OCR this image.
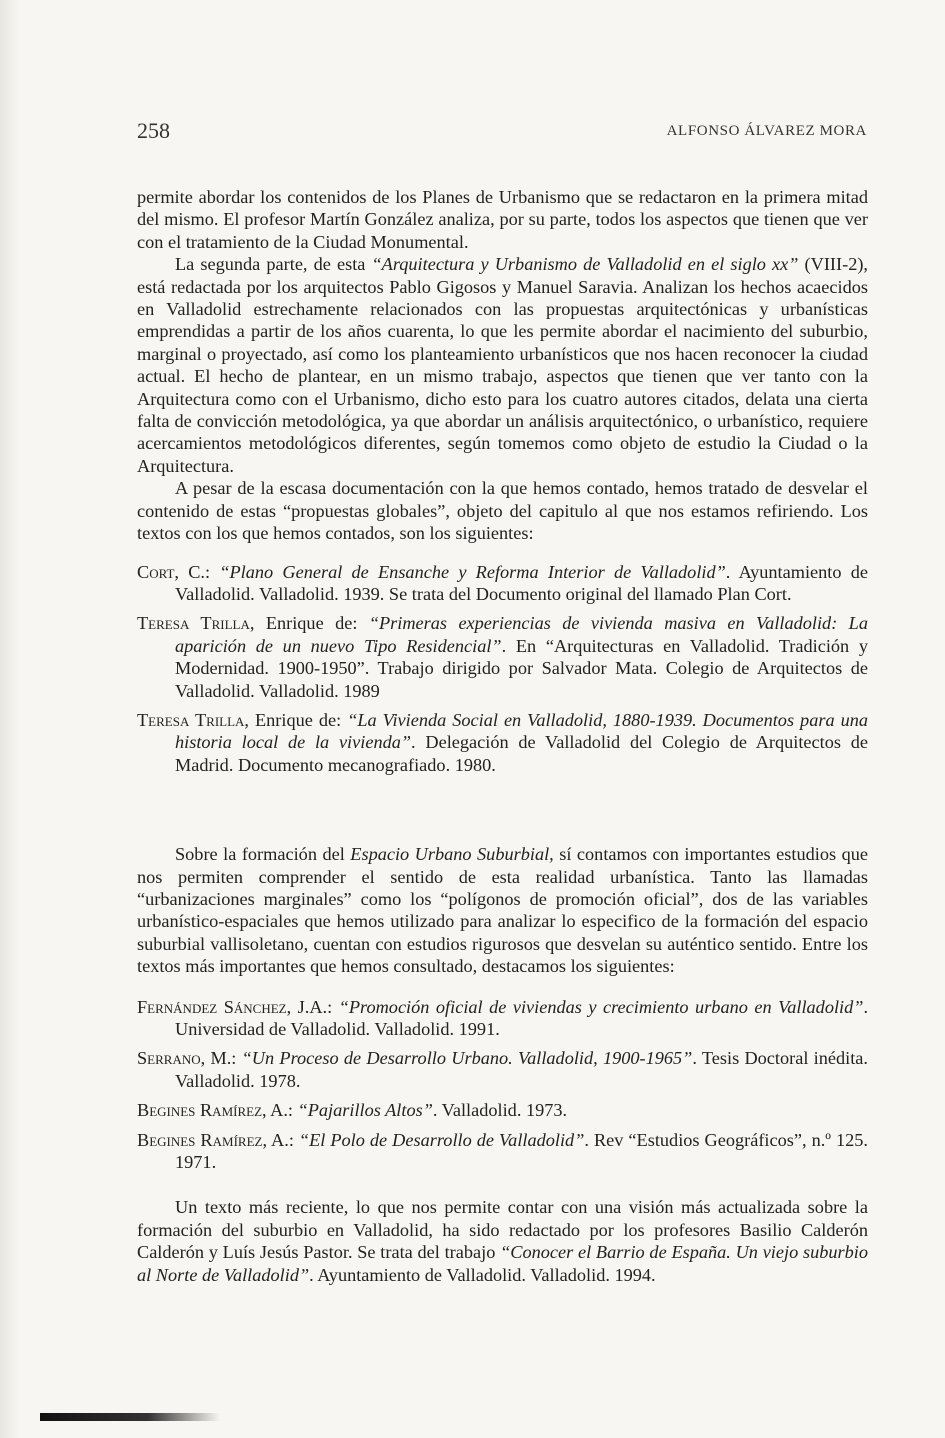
258	ALFONSO ÁLVAREZ MORA

permite abordar los contenidos de los Planes de Urbanismo que se redactaron en la primera mitad del mismo. El profesor Martín González analiza, por su parte, todos los aspectos que tienen que ver con el tratamiento de la Ciudad Monumental.

La segunda parte, de esta “Arquitectura y Urbanismo de Valladolid en el siglo xx” (VIII-2), está redactada por los arquitectos Pablo Gigosos y Manuel Saravia. Analizan los hechos acaecidos en Valladolid estrechamente relacionados con las propuestas arquitectónicas y urbanísticas emprendidas a partir de los años cuarenta, lo que les permite abordar el nacimiento del suburbio, marginal o proyectado, así como los planteamiento urbanísticos que nos hacen reconocer la ciudad actual. El hecho de plantear, en un mismo trabajo, aspectos que tienen que ver tanto con la Arquitectura como con el Urbanismo, dicho esto para los cuatro autores citados, delata una cierta falta de convicción metodológica, ya que abordar un análisis arquitectónico, o urbanístico, requiere acercamientos metodológicos diferentes, según tomemos como objeto de estudio la Ciudad o la Arquitectura.

A pesar de la escasa documentación con la que hemos contado, hemos tratado de desvelar el contenido de estas “propuestas globales”, objeto del capitulo al que nos estamos refiriendo. Los textos con los que hemos contados, son los siguientes:

Cort, C.: “Plano General de Ensanche y Reforma Interior de Valladolid”. Ayuntamiento de Valladolid. Valladolid. 1939. Se trata del Documento original del llamado Plan Cort.

Teresa Trilla, Enrique de: “Primeras experiencias de vivienda masiva en Valladolid: La aparición de un nuevo Tipo Residencial”. En “Arquitecturas en Valladolid. Tradición y Modernidad. 1900-1950”. Trabajo dirigido por Salvador Mata. Colegio de Arquitectos de Valladolid. Valladolid. 1989

Teresa Trilla, Enrique de: “La Vivienda Social en Valladolid, 1880-1939. Documentos para una historia local de la vivienda”. Delegación de Valladolid del Colegio de Arquitectos de Madrid. Documento mecanografiado. 1980.

Sobre la formación del Espacio Urbano Suburbial, sí contamos con importantes estudios que nos permiten comprender el sentido de esta realidad urbanística. Tanto las llamadas “urbanizaciones marginales” como los “polígonos de promoción oficial”, dos de las variables urbanístico-espaciales que hemos utilizado para analizar lo especifico de la formación del espacio suburbial vallisoletano, cuentan con estudios rigurosos que desvelan su auténtico sentido. Entre los textos más importantes que hemos consultado, destacamos los siguientes:

Fernández Sánchez, J.A.: “Promoción oficial de viviendas y crecimiento urbano en Valladolid”. Universidad de Valladolid. Valladolid. 1991.

Serrano, M.: “Un Proceso de Desarrollo Urbano. Valladolid, 1900-1965”. Tesis Doctoral inédita. Valladolid. 1978.

Begines Ramírez, A.: “Pajarillos Altos”. Valladolid. 1973.

Begines Ramírez, A.: “El Polo de Desarrollo de Valladolid”. Rev “Estudios Geográficos”, n.º 125. 1971.

Un texto más reciente, lo que nos permite contar con una visión más actualizada sobre la formación del suburbio en Valladolid, ha sido redactado por los profesores Basilio Calderón Calderón y Luís Jesús Pastor. Se trata del trabajo “Conocer el Barrio de España. Un viejo suburbio al Norte de Valladolid”. Ayuntamiento de Valladolid. Valladolid. 1994.
